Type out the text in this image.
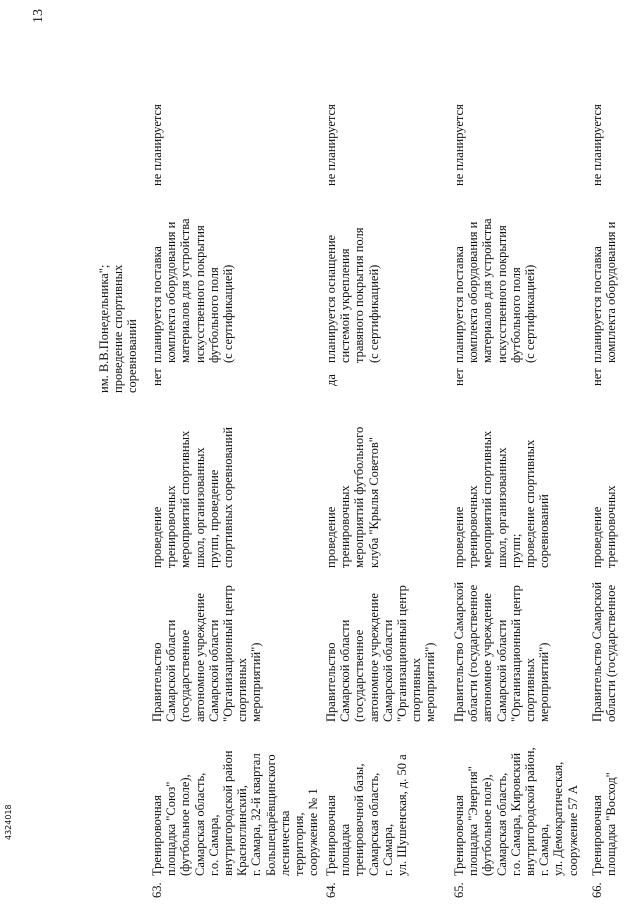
13
им. В.В.Понедельника";
проведение спортивных
соревнований
63.
Тренировочная
площадка "Союз"
(футбольное поле),
Самарская область,
г.о. Самара,
внутригородской район
Красноглинский,
г. Самара, 32-й квартал
Большецарёвщинского
лесничества территория,
сооружение № 1
Правительство
Самарской области
(государственное
автономное учреждение
Самарской области
"Организационный центр
спортивных
мероприятий")
проведение
тренировочных
мероприятий спортивных
школ, организованных
групп, проведение
спортивных соревнований
нет
планируется поставка
комплекта оборудования и
материалов для устройства
искусственного покрытия
футбольного поля
(с сертификацией)
не планируется
64.
Тренировочная
площадка
тренировочной базы,
Самарская область,
г. Самара,
ул. Шушенская, д. 50 а
Правительство
Самарской области
(государственное
автономное учреждение
Самарской области
"Организационный центр
спортивных
мероприятий")
проведение
тренировочных
мероприятий футбольного
клуба "Крылья Советов"
да
планируется оснащение
системой укрепления
травяного покрытия поля
(с сертификацией)
не планируется
65.
Тренировочная
площадка "Энергия"
(футбольное поле),
Самарская область,
г.о. Самара, Кировский
внутригородской район,
г. Самара,
ул. Демократическая,
сооружение 57 А
Правительство Самарской
области (государственное
автономное учреждение
Самарской области
"Организационный центр
спортивных
мероприятий")
проведение
тренировочных
мероприятий спортивных
школ, организованных
групп;
проведение спортивных
соревнований
нет
планируется поставка
комплекта оборудования и
материалов для устройства
искусственного покрытия
футбольного поля
(с сертификацией)
не планируется
66.
Тренировочная
площадка "Восход"
Правительство Самарской
области (государственное
проведение
тренировочных
нет
планируется поставка
комплекта оборудования и
не планируется
4324018
